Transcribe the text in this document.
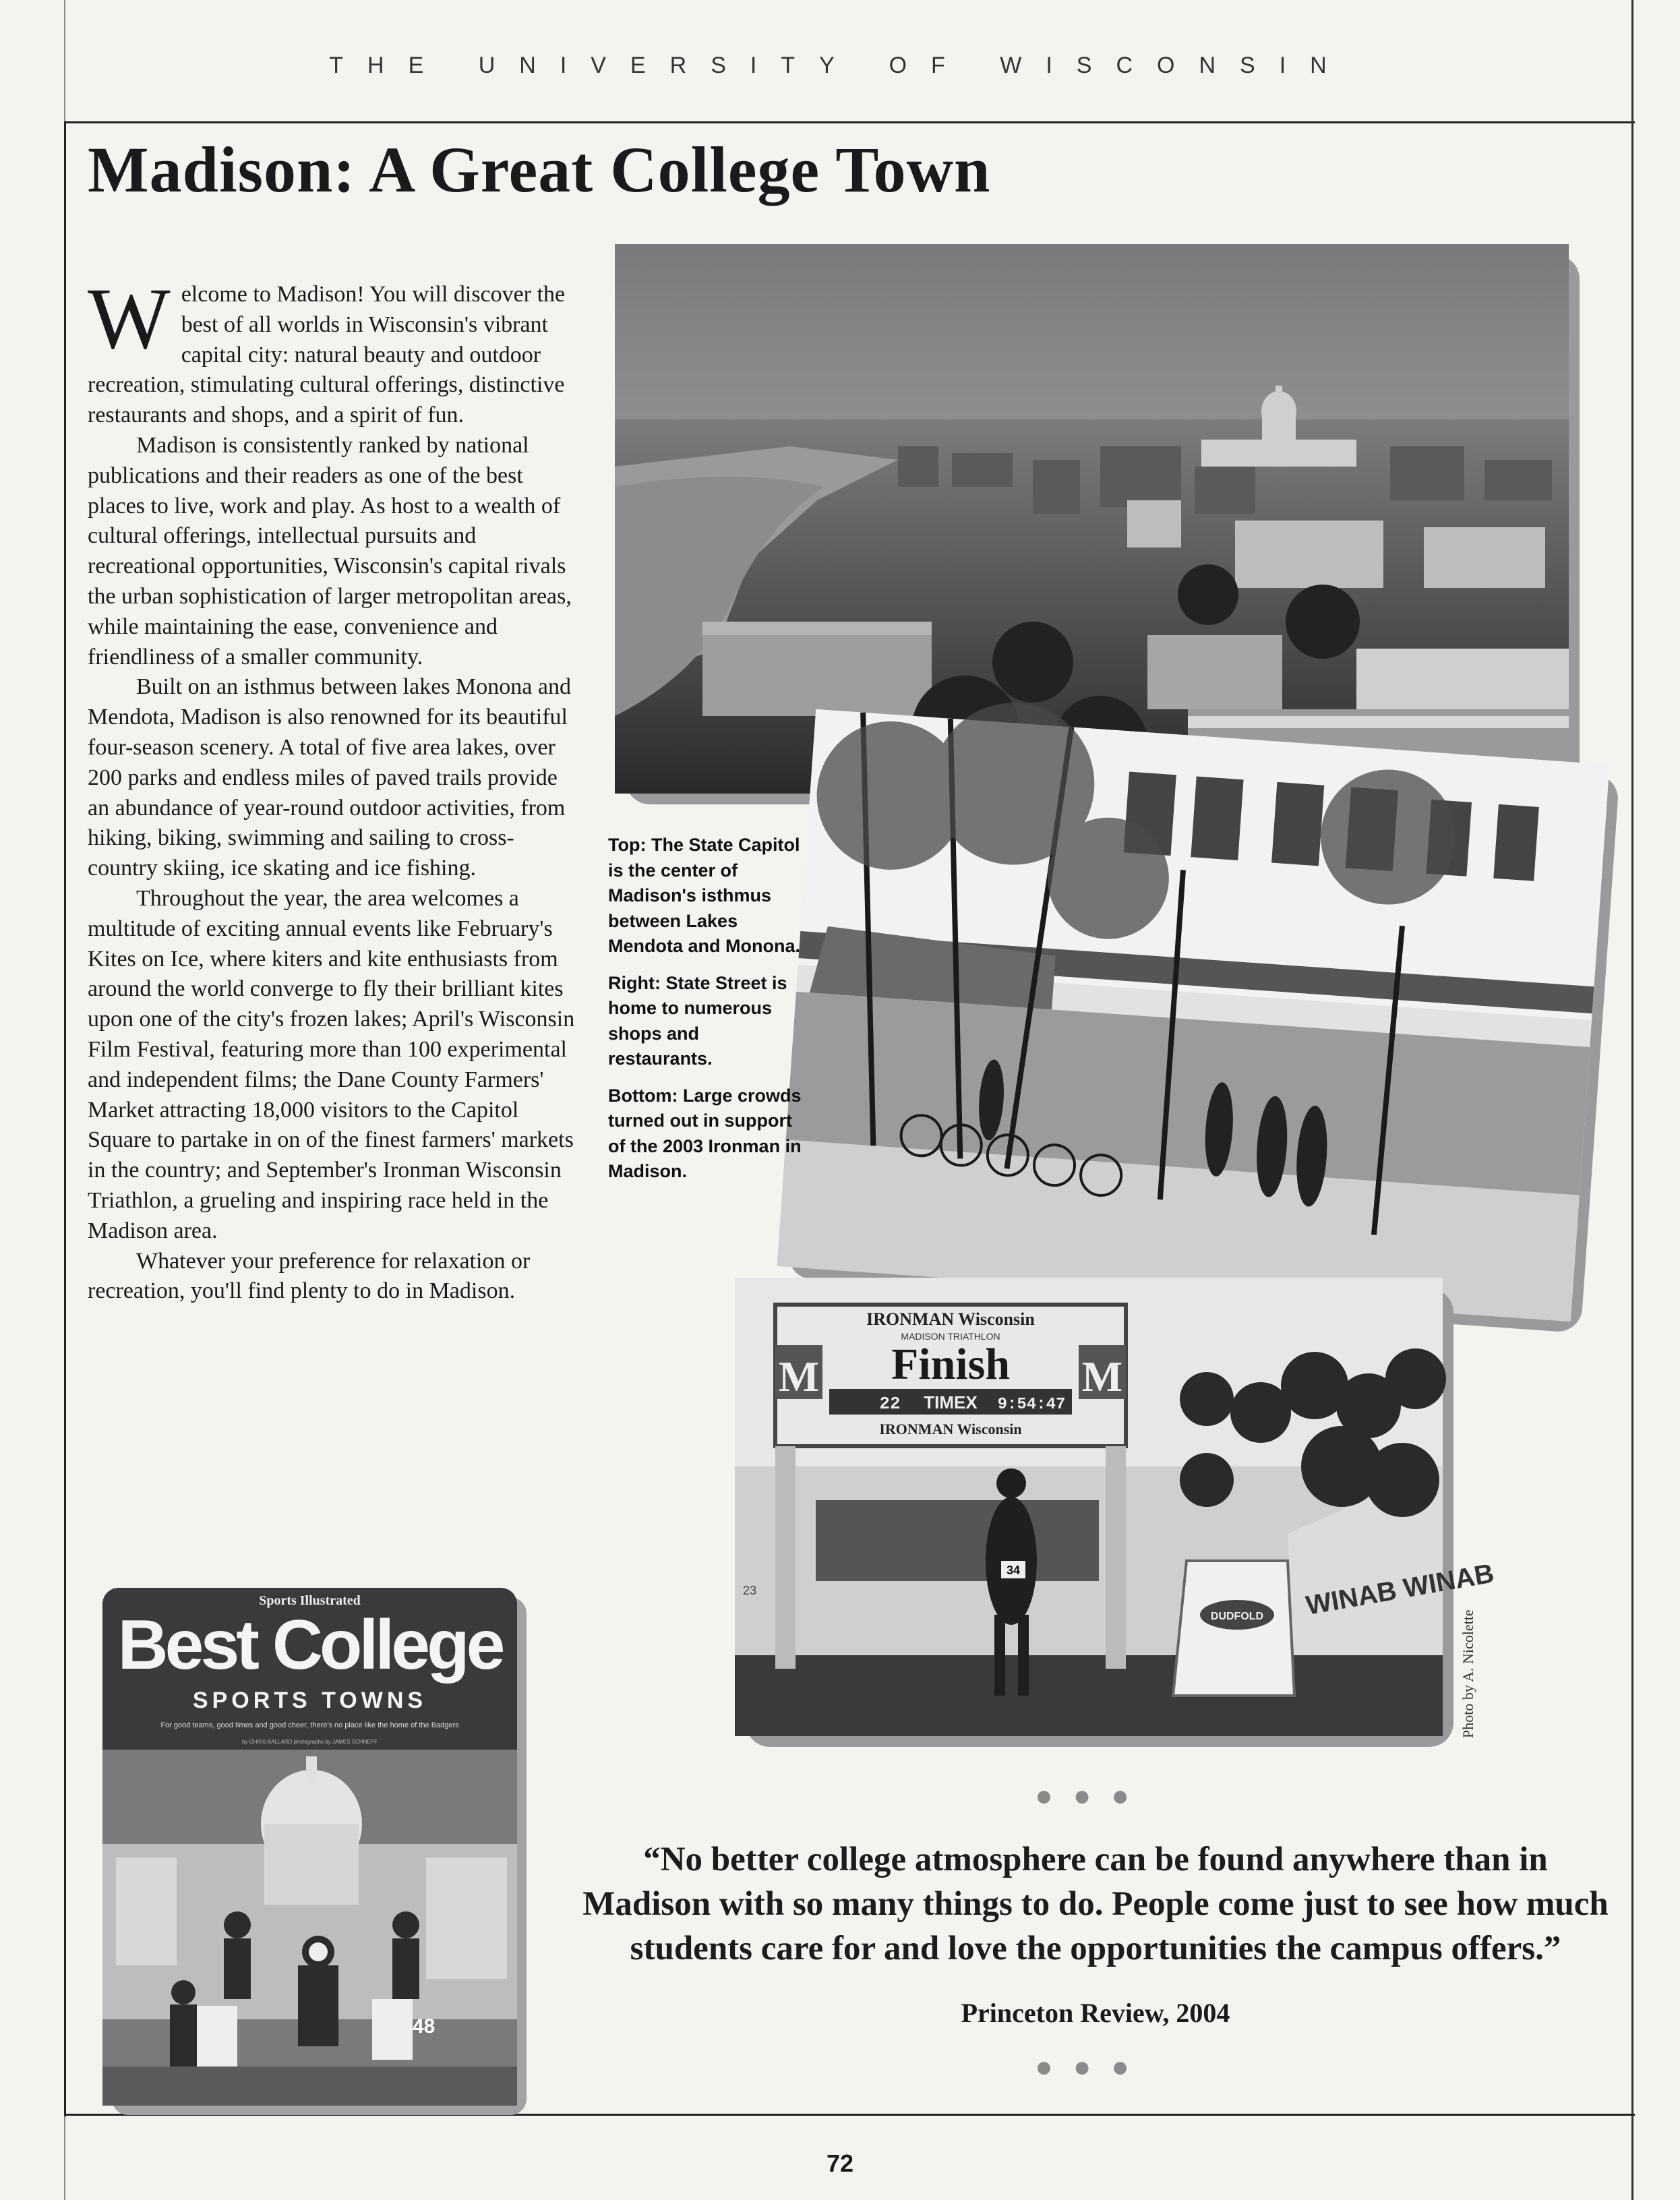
THE UNIVERSITY OF WISCONSIN
Madison: A Great College Town

Welcome to Madison! You will discover the best of all worlds in Wisconsin's vibrant capital city: natural beauty and outdoor recreation, stimulating cultural offerings, distinctive restaurants and shops, and a spirit of fun.

Madison is consistently ranked by national publications and their readers as one of the best places to live, work and play. As host to a wealth of cultural offerings, intellectual pursuits and recreational opportunities, Wisconsin's capital rivals the urban sophistication of larger metropolitan areas, while maintaining the ease, convenience and friendliness of a smaller community.

Built on an isthmus between lakes Monona and Mendota, Madison is also renowned for its beautiful four-season scenery. A total of five area lakes, over 200 parks and endless miles of paved trails provide an abundance of year-round outdoor activities, from hiking, biking, swimming and sailing to cross-country skiing, ice skating and ice fishing.

Throughout the year, the area welcomes a multitude of exciting annual events like February's Kites on Ice, where kiters and kite enthusiasts from around the world converge to fly their brilliant kites upon one of the city's frozen lakes; April's Wisconsin Film Festival, featuring more than 100 experimental and independent films; the Dane County Farmers' Market attracting 18,000 visitors to the Capitol Square to partake in on of the finest farmers' markets in the country; and September's Ironman Wisconsin Triathlon, a grueling and inspiring race held in the Madison area.

Whatever your preference for relaxation or recreation, you'll find plenty to do in Madison.

IRONMAN Wisconsin
MADISON TRIATHLON
M	M
Finish
22 TIMEX 9:54:47
IRONMAN Wisconsin
23
34
DUDFOLD WINAB WINAB

Top: The State Capitol is the center of Madison's isthmus between Lakes Mendota and Monona.

Right: State Street is home to numerous shops and restaurants.

Bottom: Large crowds turned out in support of the 2003 Ironman in Madison.

Photo by A. Nicolette
Sports Illustrated
Best College
SPORTS TOWNS
For good teams, good times and good cheer, there's no place like the home of the Badgers
by CHRIS BALLARD photographs by JAMES SCHNEPF
48
●●●
“No better college atmosphere can be found anywhere than in Madison with so many things to do. People come just to see how much students care for and love the opportunities the campus offers.”
Princeton Review, 2004
●●●
72
